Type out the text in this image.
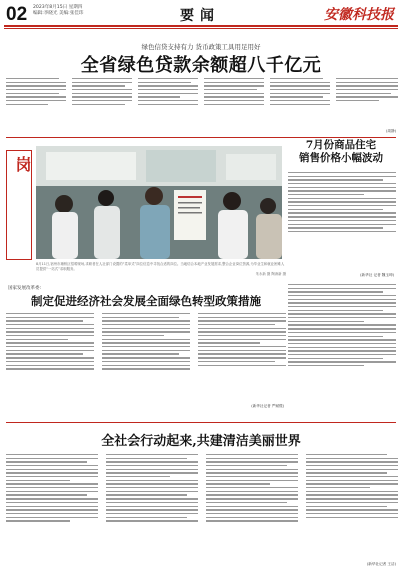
02 2023年8月15日 星期四
编辑:李晓光 美编:张佳玮	要闻	安徽科技报
绿色信贷支持有力 货币政策工具用足用好
全省绿色贷款余额超八千亿元
(周静)
岗
8月11日,宿州市埇桥区招聘现场,求职者在人社部门设置的“菜单式”岗位信息中寻找合适的岗位。当地结合本地产业发展需求,整合企业岗位资源,为毕业生和就业困难人员提供“一站式”求职服务。
朱永新 摄 陶涛新 摄
7月份商品住宅
销售价格小幅波动
(新华社 记者 魏玉坤)
国家发展改革委:
制定促进经济社会发展全面绿色转型政策措施
(新华社记者 严赋憬)
全社会行动起来,共建清洁美丽世界
(新华社记者 王洁)
